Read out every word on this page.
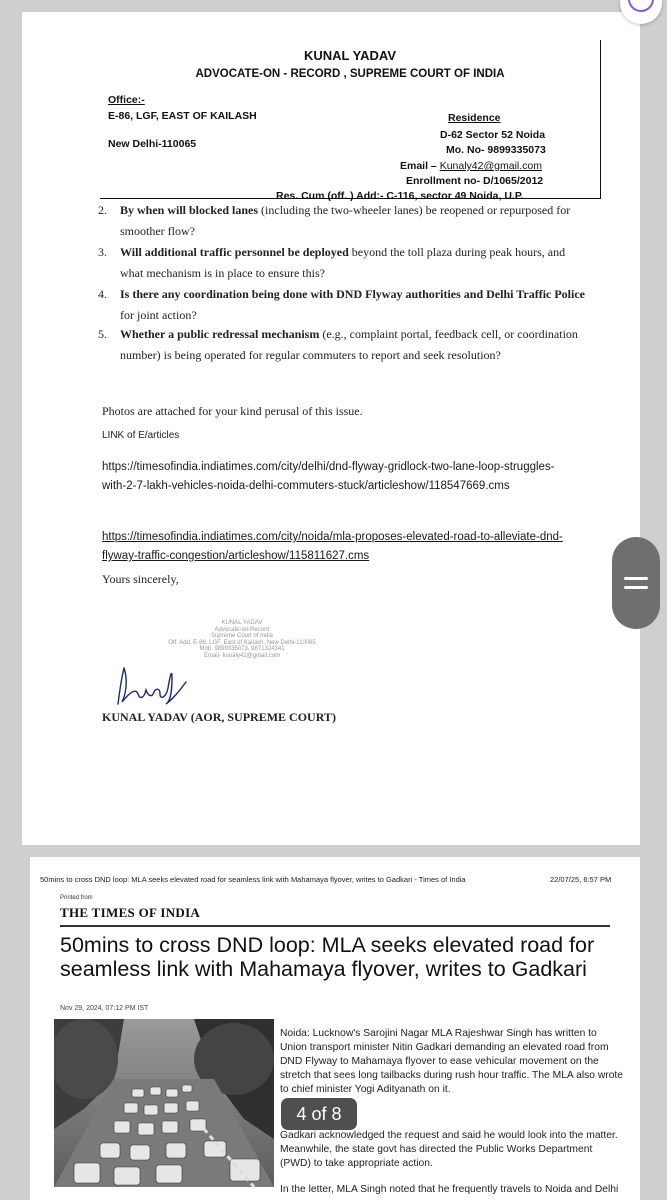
KUNAL YADAV
ADVOCATE-ON - RECORD , SUPREME COURT OF INDIA
Office:-
E-86, LGF, EAST OF KAILASH
New Delhi-110065
Residence
D-62 Sector 52 Noida
Mo. No- 9899335073
Email – Kunaly42@gmail.com
Enrollment no- D/1065/2012
Res. Cum (off. ) Add:- C-116, sector 49 Noida, U.P.
2. By when will blocked lanes (including the two-wheeler lanes) be reopened or repurposed for smoother flow?
3. Will additional traffic personnel be deployed beyond the toll plaza during peak hours, and what mechanism is in place to ensure this?
4. Is there any coordination being done with DND Flyway authorities and Delhi Traffic Police for joint action?
5. Whether a public redressal mechanism (e.g., complaint portal, feedback cell, or coordination number) is being operated for regular commuters to report and seek resolution?
Photos are attached for your kind perusal of this issue.
LINK of E/articles
https://timesofindia.indiatimes.com/city/delhi/dnd-flyway-gridlock-two-lane-loop-struggles-with-2-7-lakh-vehicles-noida-delhi-commuters-stuck/articleshow/118547669.cms
https://timesofindia.indiatimes.com/city/noida/mla-proposes-elevated-road-to-alleviate-dnd-flyway-traffic-congestion/articleshow/115811627.cms
Yours sincerely,
KUNAL YADAV
Advocate-on-Record
Supreme Court of India
Off. Add. E-86, LGF, East of Kailash, New Delhi-110065
Mob. 9899335073, 9871324341
Email- kunaly42@gmail.com
KUNAL YADAV (AOR, SUPREME COURT)
50mins to cross DND loop: MLA seeks elevated road for seamless link with Mahamaya flyover, writes to Gadkari - Times of India	22/07/25, 6:57 PM
Printed from
THE TIMES OF INDIA
50mins to cross DND loop: MLA seeks elevated road for seamless link with Mahamaya flyover, writes to Gadkari
Nov 29, 2024, 07:12 PM IST
Noida: Lucknow's Sarojini Nagar MLA Rajeshwar Singh has written to Union transport minister Nitin Gadkari demanding an elevated road from DND Flyway to Mahamaya flyover to ease vehicular movement on the stretch that sees long tailbacks during rush hour traffic. The MLA also wrote to chief minister Yogi Adityanath on it.
Gadkari acknowledged the request and said he would look into the matter. Meanwhile, the state govt has directed the Public Works Department (PWD) to take appropriate action.
In the letter, MLA Singh noted that he frequently travels to Noida and Delhi
4 of 8
